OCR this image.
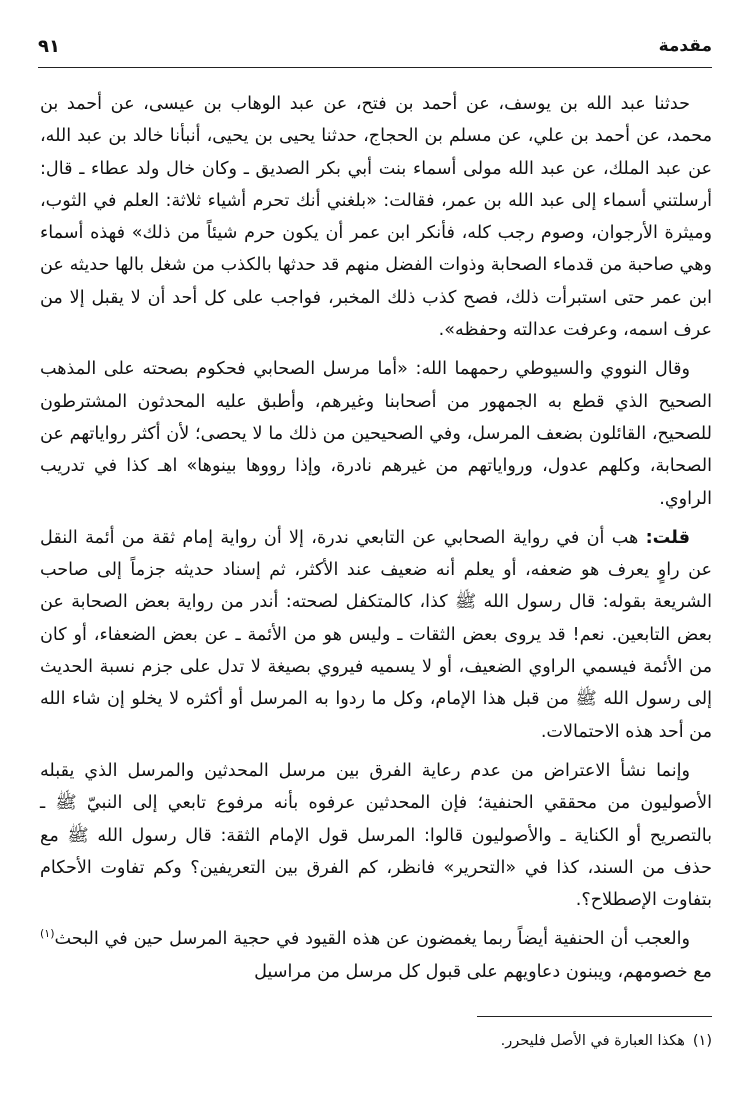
مقدمة
٩١

حدثنا عبد الله بن يوسف، عن أحمد بن فتح، عن عبد الوهاب بن عيسى، عن أحمد بن محمد، عن أحمد بن علي، عن مسلم بن الحجاج، حدثنا يحيى بن يحيى، أنبأنا خالد بن عبد الله، عن عبد الملك، عن عبد الله مولى أسماء بنت أبي بكر الصديق ـ وكان خال ولد عطاء ـ قال: أرسلتني أسماء إلى عبد الله بن عمر، فقالت: «بلغني أنك تحرم أشياء ثلاثة: العلم في الثوب، وميثرة الأرجوان، وصوم رجب كله، فأنكر ابن عمر أن يكون حرم شيئاً من ذلك» فهذه أسماء وهي صاحبة من قدماء الصحابة وذوات الفضل منهم قد حدثها بالكذب من شغل بالها حديثه عن ابن عمر حتى استبرأت ذلك، فصح كذب ذلك المخبر، فواجب على كل أحد أن لا يقبل إلا من عرف اسمه، وعرفت عدالته وحفظه».

وقال النووي والسيوطي رحمهما الله: «أما مرسل الصحابي فحكوم بصحته على المذهب الصحيح الذي قطع به الجمهور من أصحابنا وغيرهم، وأطبق عليه المحدثون المشترطون للصحيح، القائلون بضعف المرسل، وفي الصحيحين من ذلك ما لا يحصى؛ لأن أكثر رواياتهم عن الصحابة، وكلهم عدول، ورواياتهم من غيرهم نادرة، وإذا رووها بينوها» اهـ كذا في تدريب الراوي.

قلت: هب أن في رواية الصحابي عن التابعي ندرة، إلا أن رواية إمام ثقة من أئمة النقل عن راوٍ يعرف هو ضعفه، أو يعلم أنه ضعيف عند الأكثر، ثم إسناد حديثه جزماً إلى صاحب الشريعة بقوله: قال رسول الله ﷺ كذا، كالمتكفل لصحته: أندر من رواية بعض الصحابة عن بعض التابعين. نعم! قد يروى بعض الثقات ـ وليس هو من الأئمة ـ عن بعض الضعفاء، أو كان من الأئمة فيسمي الراوي الضعيف، أو لا يسميه فيروي بصيغة لا تدل على جزم نسبة الحديث إلى رسول الله ﷺ من قبل هذا الإمام، وكل ما ردوا به المرسل أو أكثره لا يخلو إن شاء الله من أحد هذه الاحتمالات.

وإنما نشأ الاعتراض من عدم رعاية الفرق بين مرسل المحدثين والمرسل الذي يقبله الأصوليون من محققي الحنفية؛ فإن المحدثين عرفوه بأنه مرفوع تابعي إلى النبيّ ﷺ ـ بالتصريح أو الكناية ـ والأصوليون قالوا: المرسل قول الإمام الثقة: قال رسول الله ﷺ مع حذف من السند، كذا في «التحرير» فانظر، كم الفرق بين التعريفين؟ وكم تفاوت الأحكام بتفاوت الإصطلاح؟.

والعجب أن الحنفية أيضاً ربما يغمضون عن هذه القيود في حجية المرسل حين في البحث$^{(١)}$ مع خصومهم، ويبنون دعاويهم على قبول كل مرسل من مراسيل

(١)هكذا العبارة في الأصل فليحرر.
